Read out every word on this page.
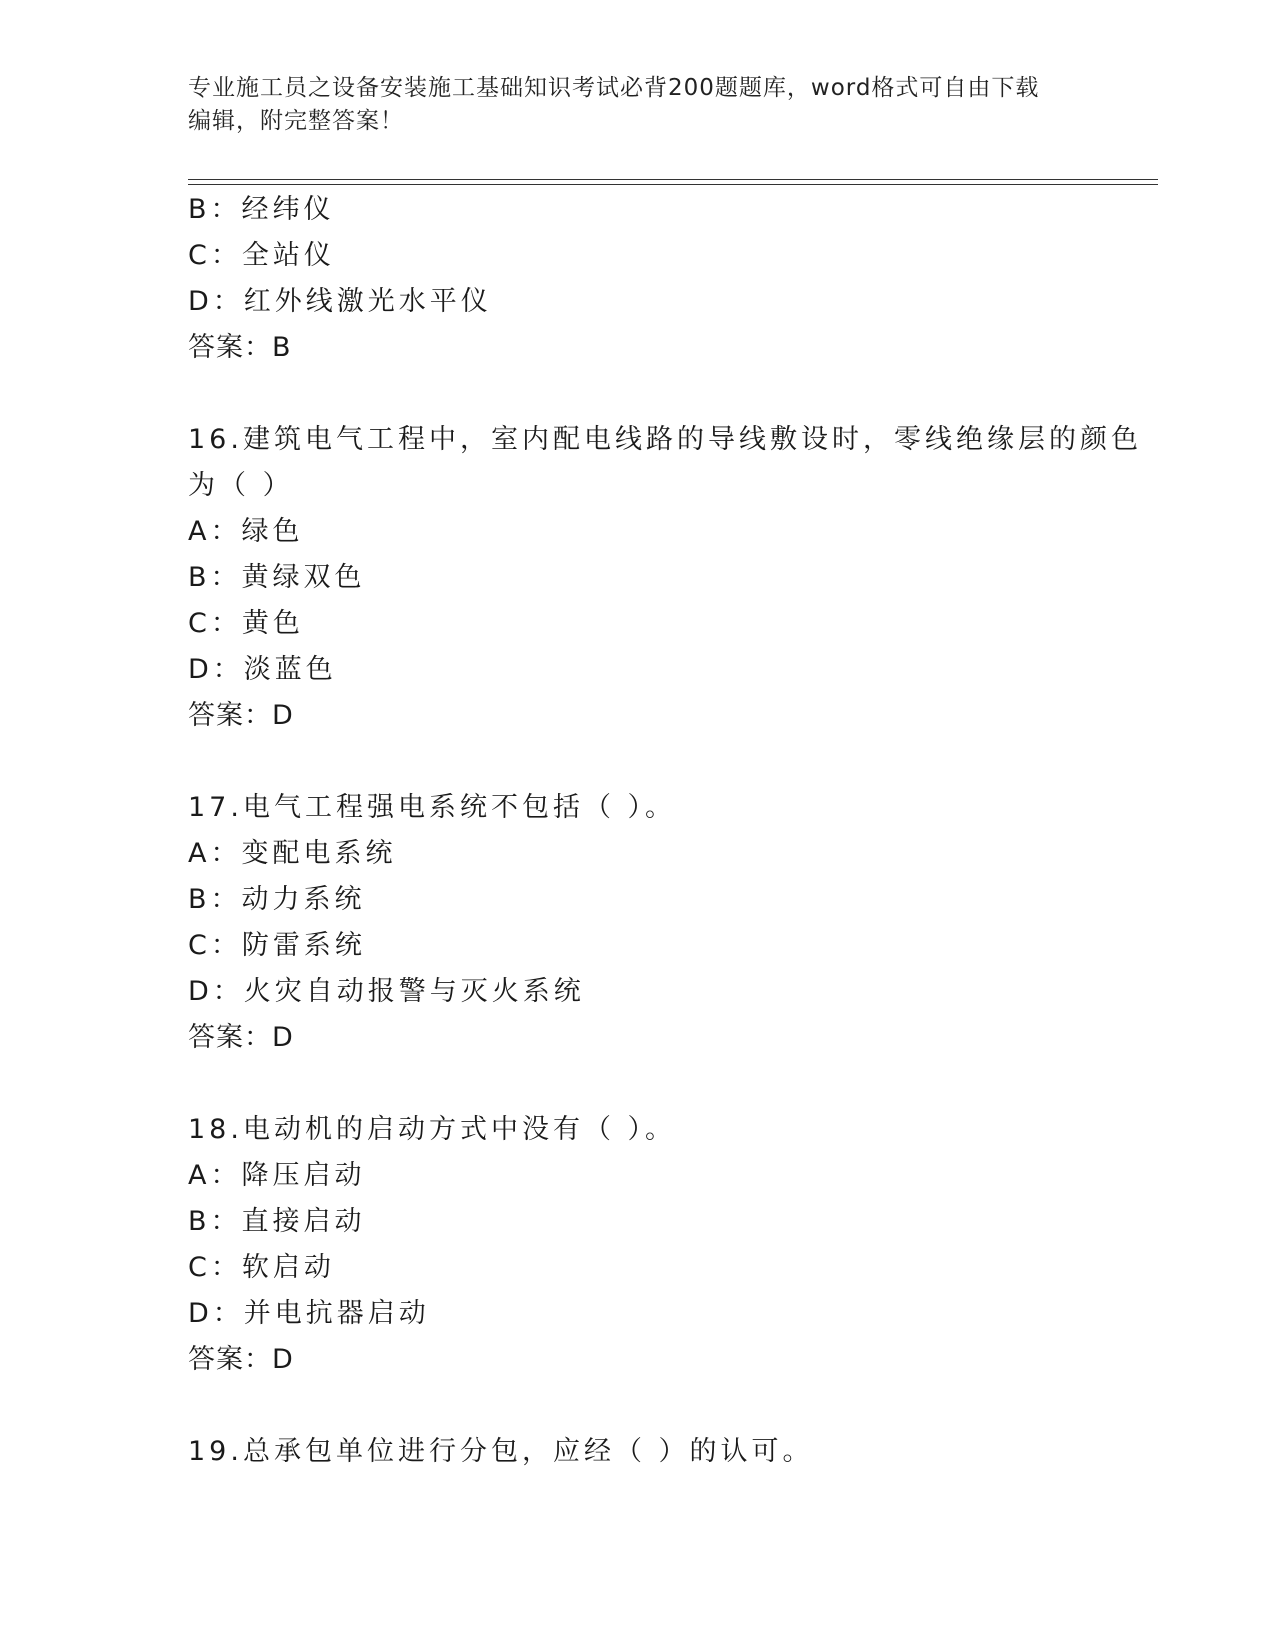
专业施工员之设备安装施工基础知识考试必背200题题库，word格式可自由下载
编辑，附完整答案！
B：经纬仪
C：全站仪
D：红外线激光水平仪
答案：B
16.建筑电气工程中，室内配电线路的导线敷设时，零线绝缘层的颜色
为（ ）
A：绿色
B：黄绿双色
C：黄色
D：淡蓝色
答案：D
17.电气工程强电系统不包括（ ）。
A：变配电系统
B：动力系统
C：防雷系统
D：火灾自动报警与灭火系统
答案：D
18.电动机的启动方式中没有（ ）。
A：降压启动
B：直接启动
C：软启动
D：并电抗器启动
答案：D
19.总承包单位进行分包，应经（ ）的认可。
